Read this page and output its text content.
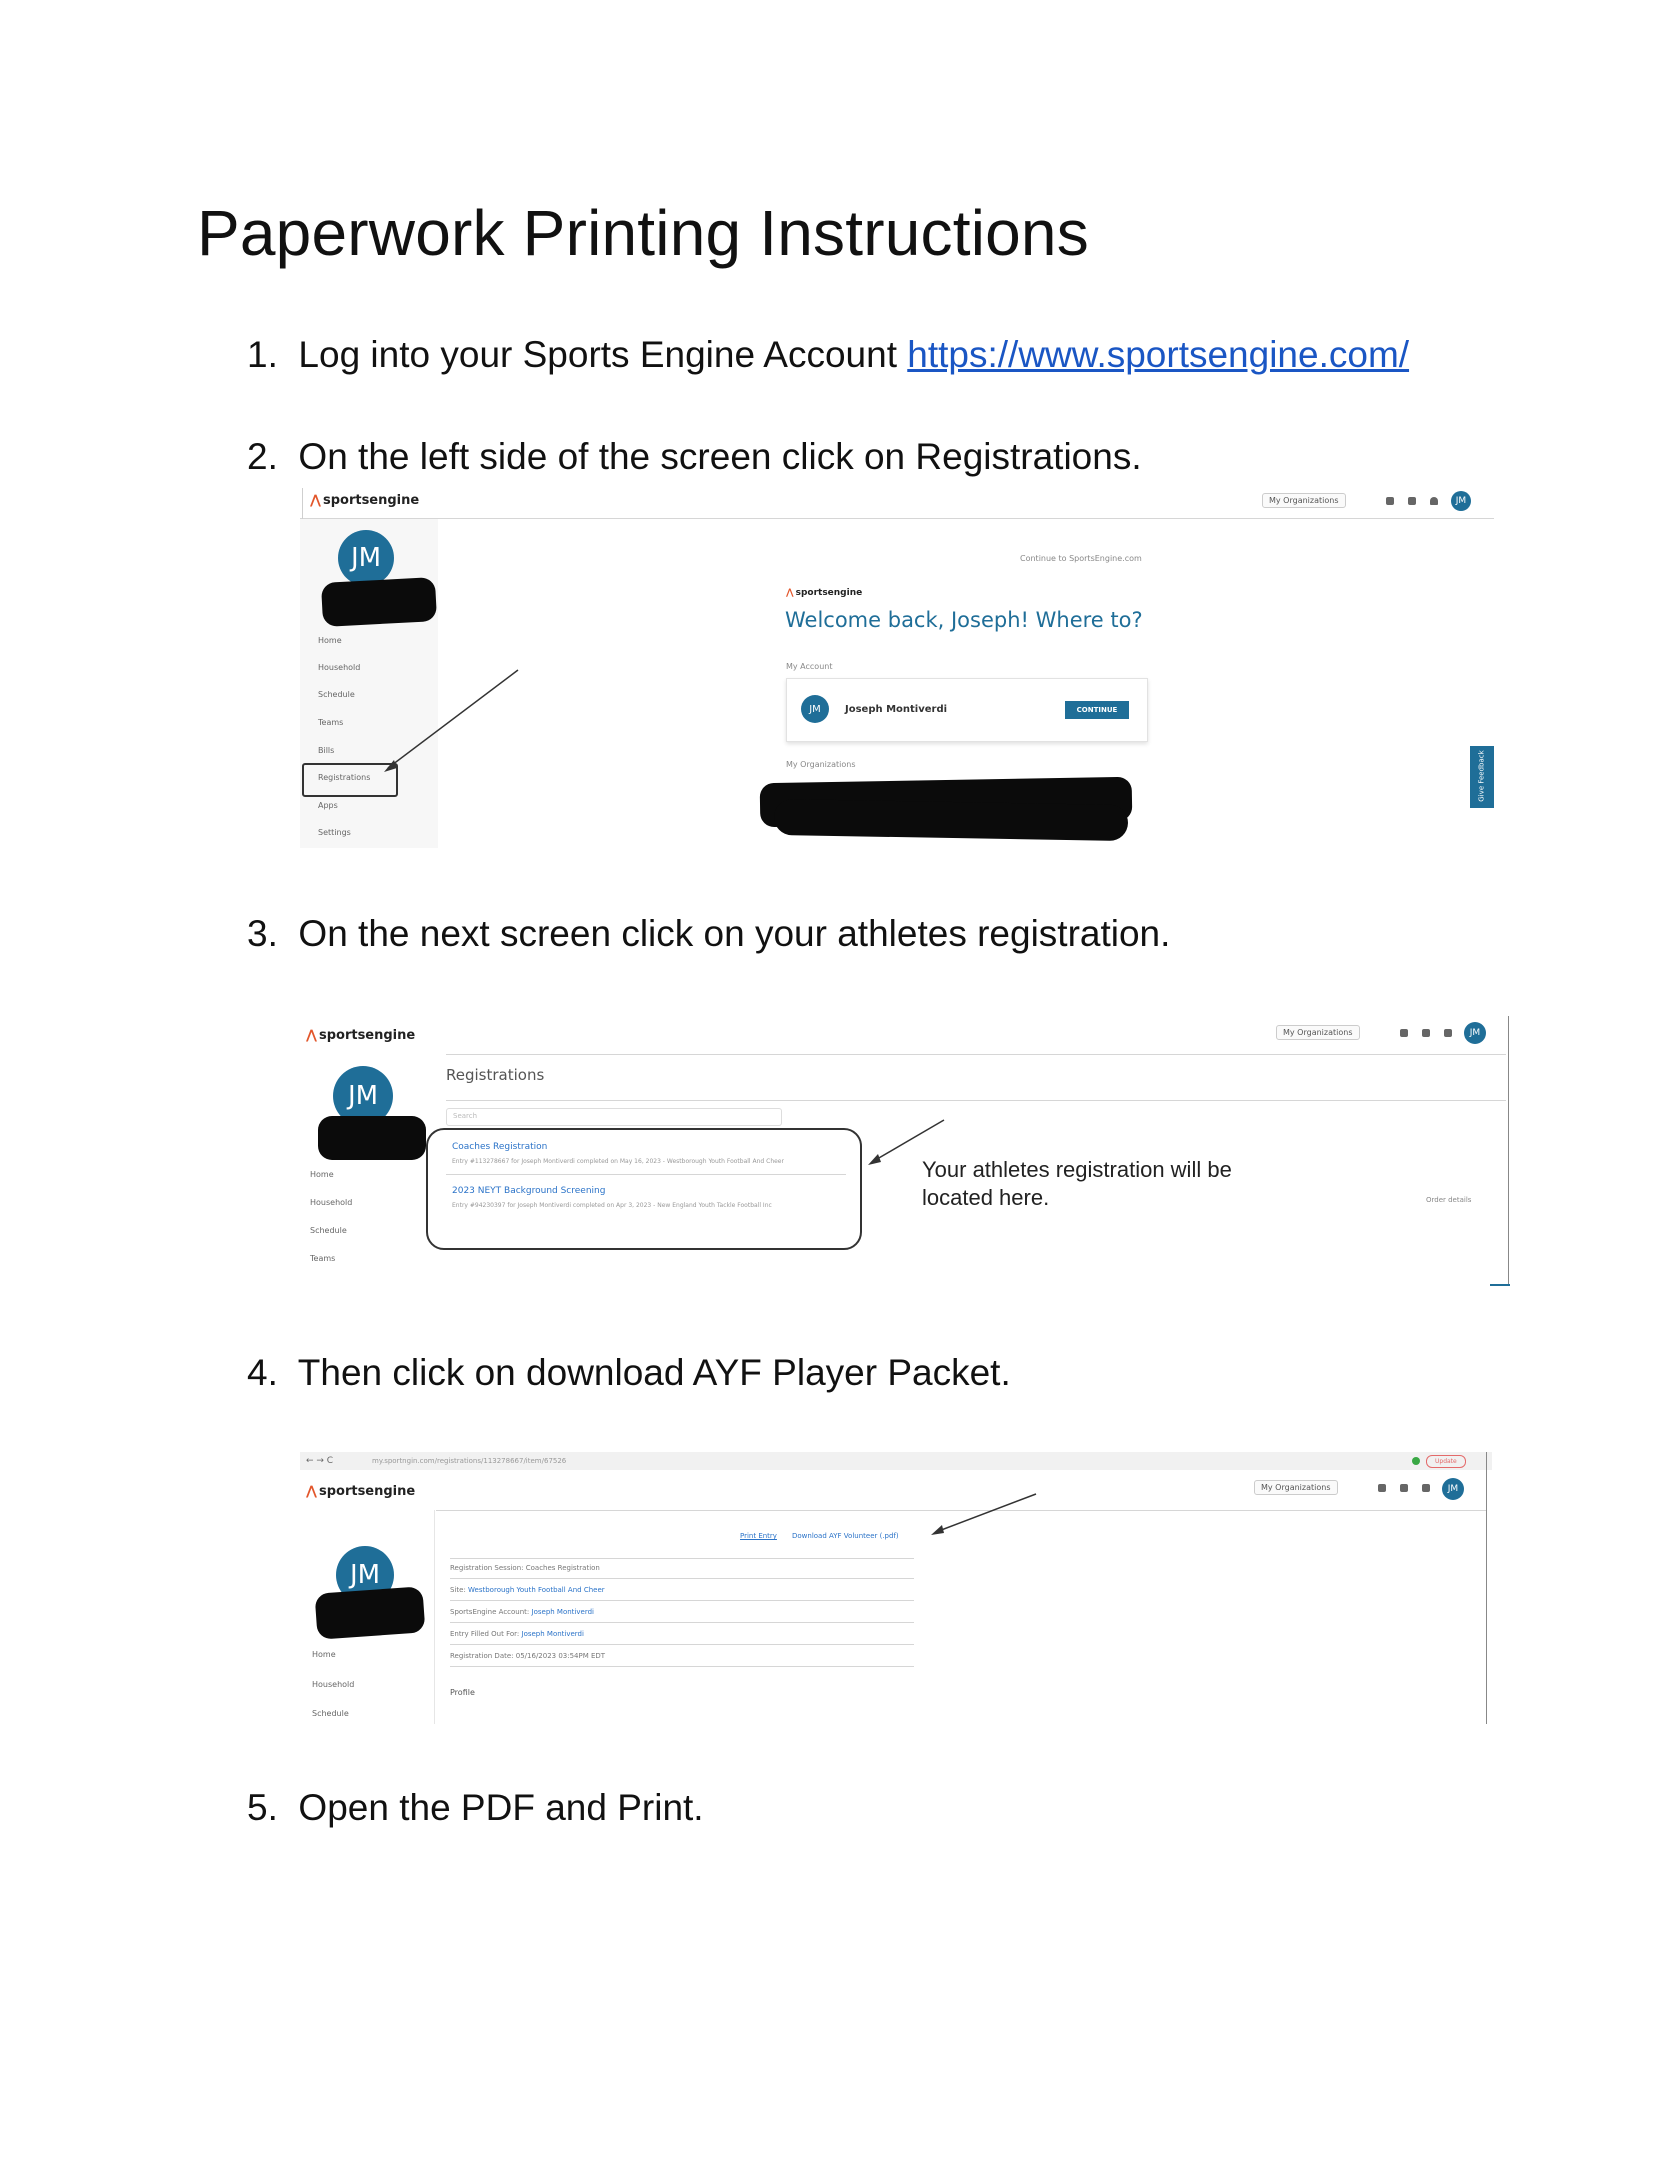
Paperwork Printing Instructions
1. Log into your Sports Engine Account https://www.sportsengine.com/
2. On the left side of the screen click on Registrations.
⋀ sportsengine	My Organizations	JM
JM
Home
Household
Schedule
Teams
Bills
Registrations
Apps
Settings
Continue to SportsEngine.com
⋀ sportsengine
Welcome back, Joseph! Where to?
My Account
JM	Joseph Montiverdi	CONTINUE
My Organizations	Give Feedback
3. On the next screen click on your athletes registration.
⋀ sportsengine	My Organizations	JM
JM
Home
Household
Schedule
Teams
Registrations
Search
Coaches Registration
Entry #113278667 for Joseph Montiverdi completed on May 16, 2023 - Westborough Youth Football And Cheer
2023 NEYT Background Screening
Entry #94230397 for Joseph Montiverdi completed on Apr 3, 2023 - New England Youth Tackle Football Inc
Your athletes registration will be
located here.	Order details
4. Then click on download AYF Player Packet.
← → C	my.sportngin.com/registrations/113278667/item/67526	Update
⋀ sportsengine	My Organizations	JM
JM
Home
Household
Schedule
Print Entry Download AYF Volunteer (.pdf)
Registration Session: Coaches Registration
Site: Westborough Youth Football And Cheer
SportsEngine Account: Joseph Montiverdi
Entry Filled Out For: Joseph Montiverdi
Registration Date: 05/16/2023 03:54PM EDT
Profile
5. Open the PDF and Print.
